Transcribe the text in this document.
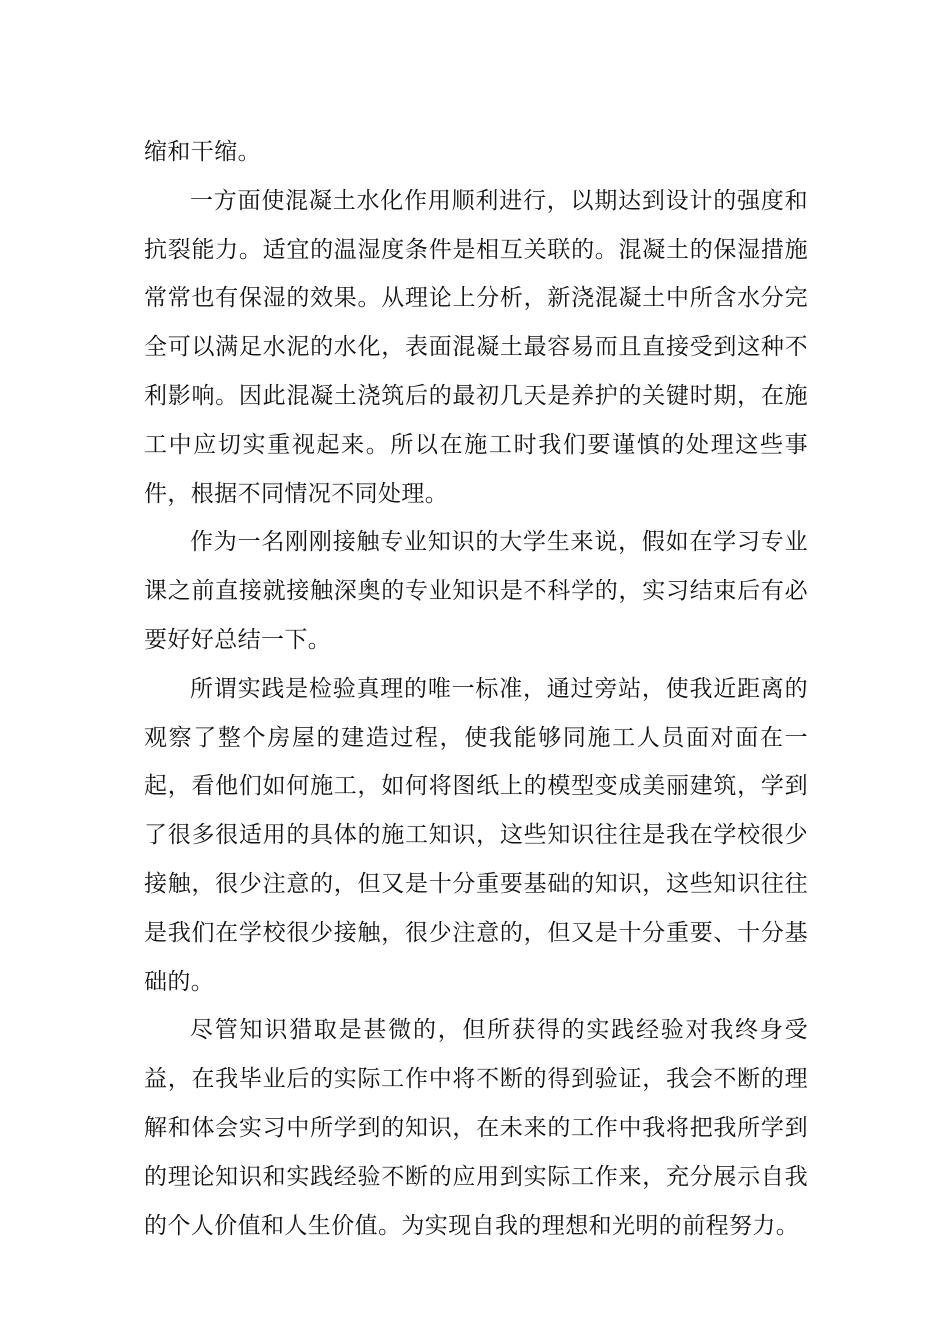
缩和干缩。

一方面使混凝土水化作用顺利进行，以期达到设计的强度和抗裂能力。适宜的温湿度条件是相互关联的。混凝土的保湿措施常常也有保湿的效果。从理论上分析，新浇混凝土中所含水分完全可以满足水泥的水化，表面混凝土最容易而且直接受到这种不利影响。因此混凝土浇筑后的最初几天是养护的关键时期，在施工中应切实重视起来。所以在施工时我们要谨慎的处理这些事件，根据不同情况不同处理。

作为一名刚刚接触专业知识的大学生来说，假如在学习专业课之前直接就接触深奥的专业知识是不科学的，实习结束后有必要好好总结一下。

所谓实践是检验真理的唯一标准，通过旁站，使我近距离的观察了整个房屋的建造过程，使我能够同施工人员面对面在一起，看他们如何施工，如何将图纸上的模型变成美丽建筑，学到了很多很适用的具体的施工知识，这些知识往往是我在学校很少接触，很少注意的，但又是十分重要基础的知识，这些知识往往是我们在学校很少接触，很少注意的，但又是十分重要、十分基础的。

尽管知识猎取是甚微的，但所获得的实践经验对我终身受益，在我毕业后的实际工作中将不断的得到验证，我会不断的理解和体会实习中所学到的知识，在未来的工作中我将把我所学到的理论知识和实践经验不断的应用到实际工作来，充分展示自我的个人价值和人生价值。为实现自我的理想和光明的前程努力。
